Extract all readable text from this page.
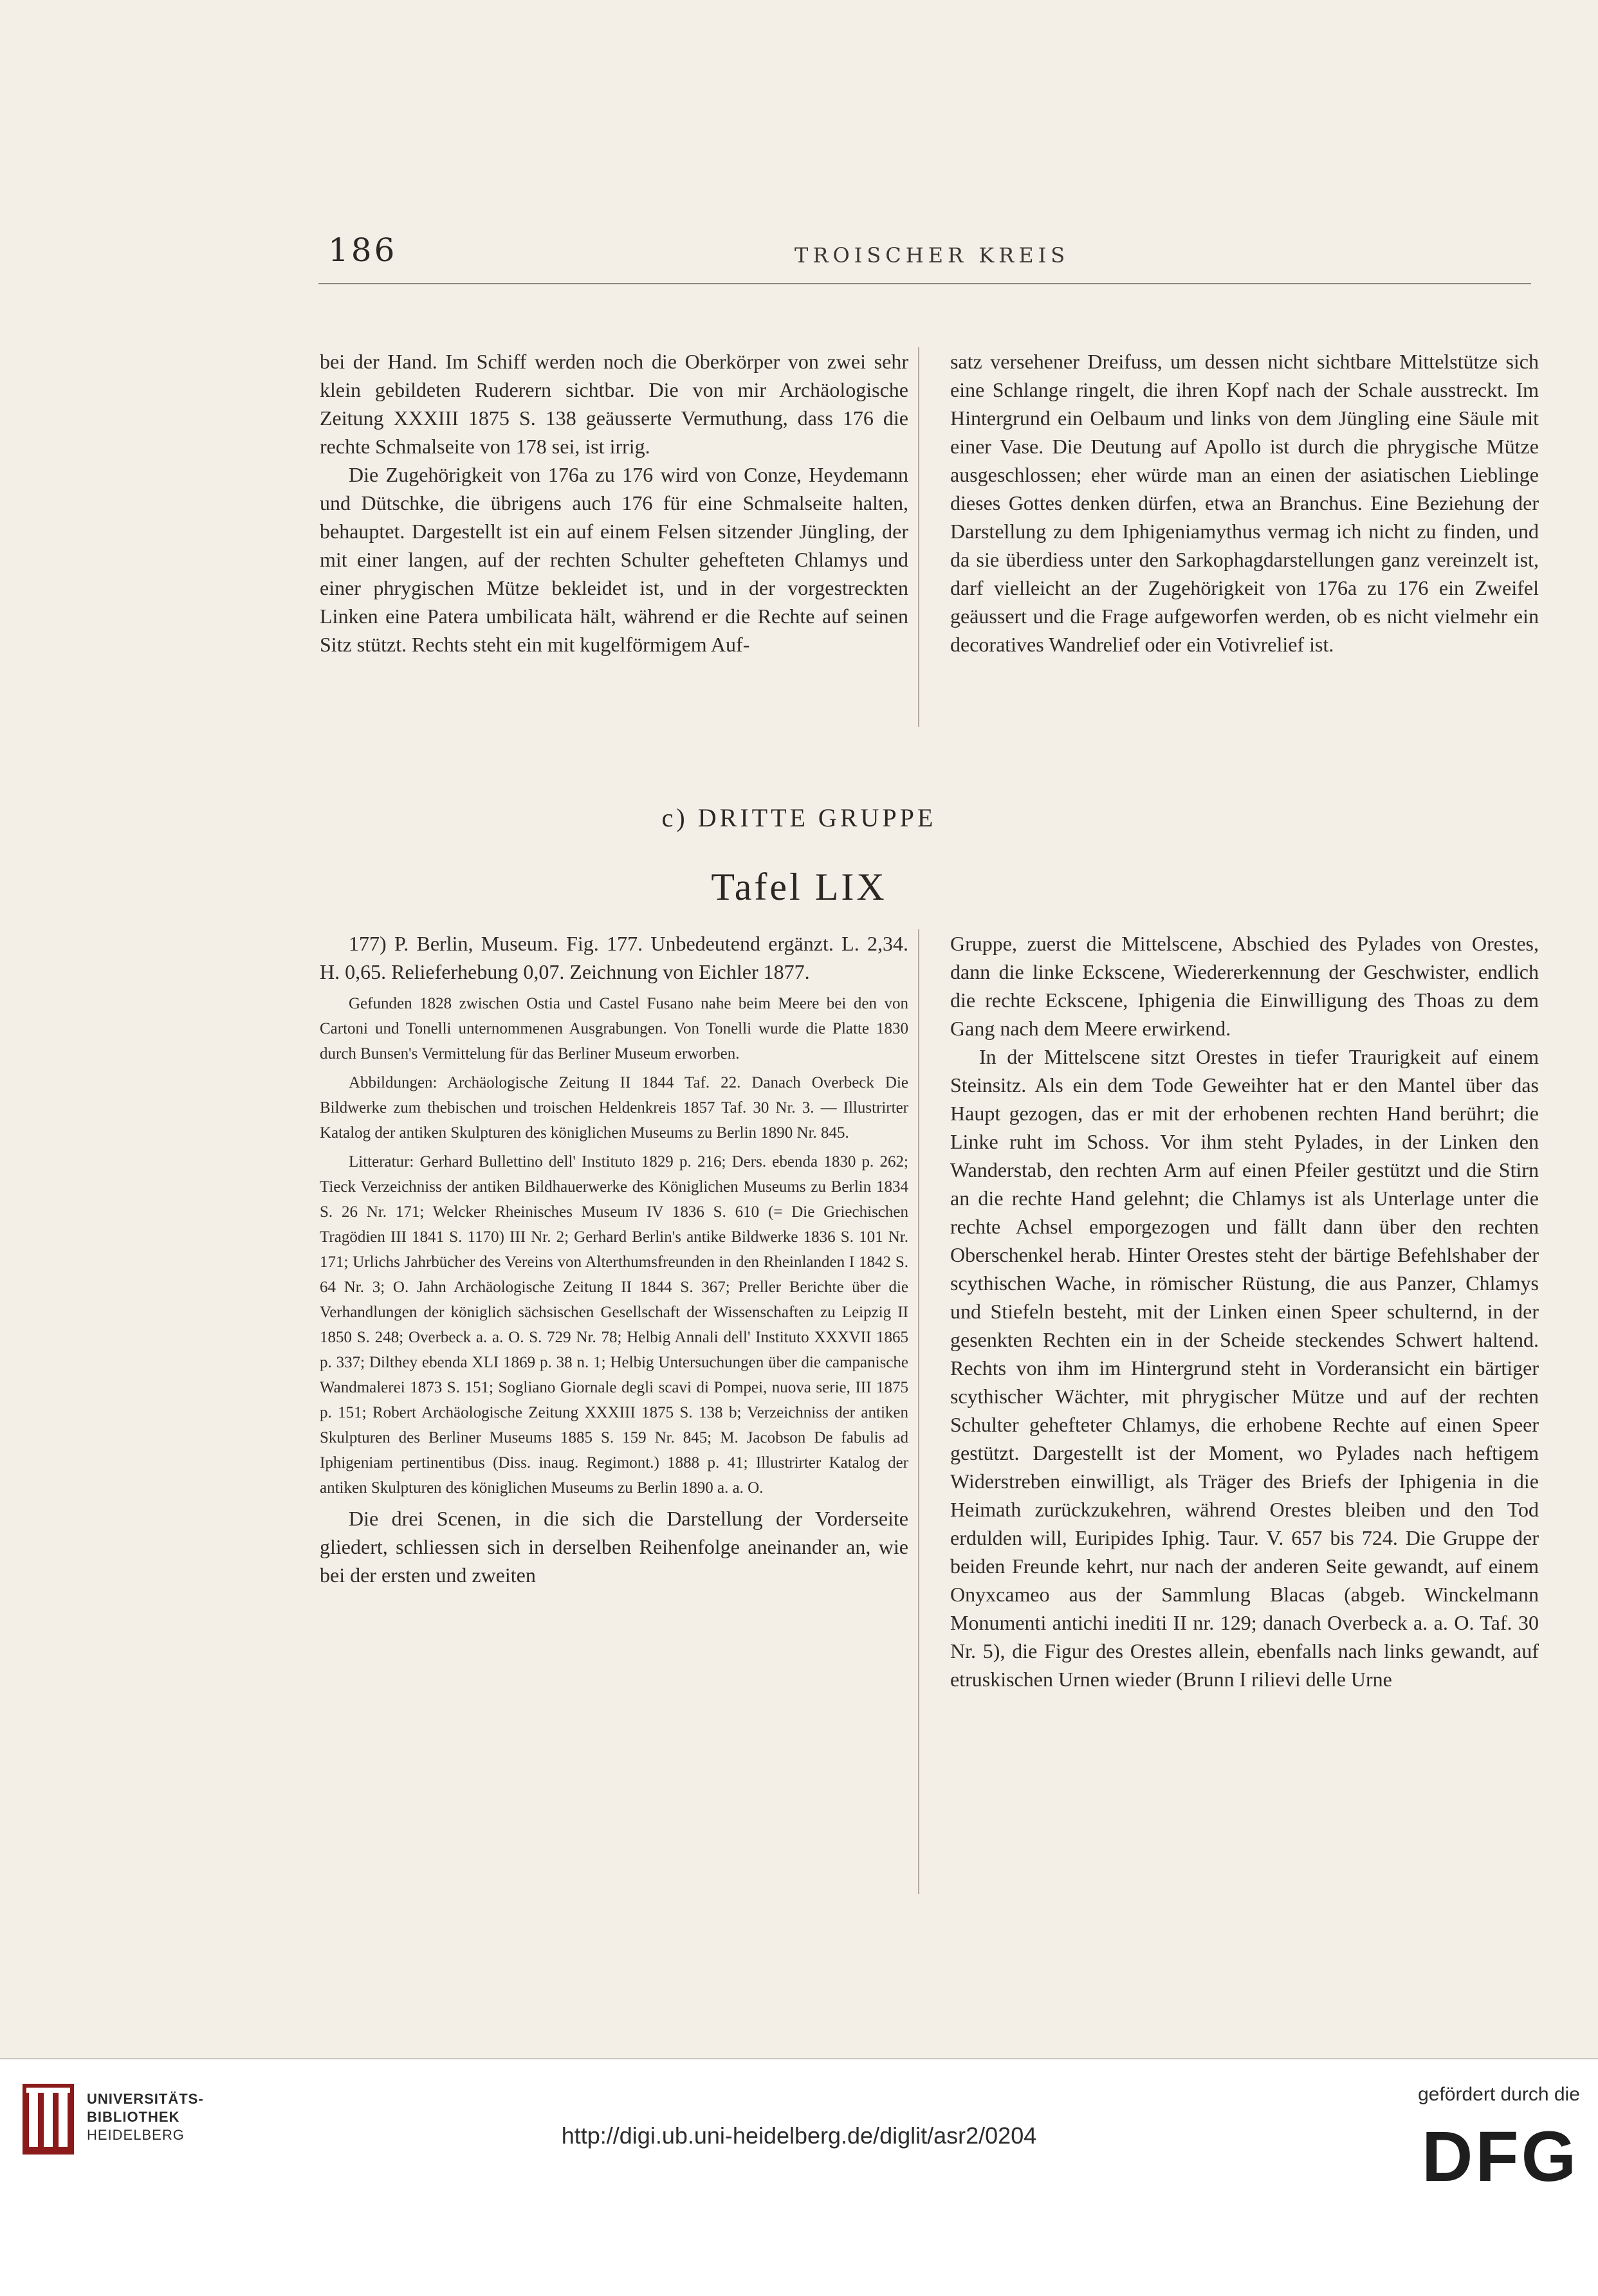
186	TROISCHER KREIS

bei der Hand. Im Schiff werden noch die Oberkörper von zwei sehr klein gebildeten Ruderern sichtbar. Die von mir Archäologische Zeitung XXXIII 1875 S. 138 geäusserte Vermuthung, dass 176 die rechte Schmalseite von 178 sei, ist irrig.

Die Zugehörigkeit von 176a zu 176 wird von Conze, Heydemann und Dütschke, die übrigens auch 176 für eine Schmalseite halten, behauptet. Dargestellt ist ein auf einem Felsen sitzender Jüngling, der mit einer langen, auf der rechten Schulter gehefteten Chlamys und einer phrygischen Mütze bekleidet ist, und in der vorgestreckten Linken eine Patera umbilicata hält, während er die Rechte auf seinen Sitz stützt. Rechts steht ein mit kugelförmigem Auf-

satz versehener Dreifuss, um dessen nicht sichtbare Mittelstütze sich eine Schlange ringelt, die ihren Kopf nach der Schale ausstreckt. Im Hintergrund ein Oelbaum und links von dem Jüngling eine Säule mit einer Vase. Die Deutung auf Apollo ist durch die phrygische Mütze ausgeschlossen; eher würde man an einen der asiatischen Lieblinge dieses Gottes denken dürfen, etwa an Branchus. Eine Beziehung der Darstellung zu dem Iphigeniamythus vermag ich nicht zu finden, und da sie überdiess unter den Sarkophagdarstellungen ganz vereinzelt ist, darf vielleicht an der Zugehörigkeit von 176a zu 176 ein Zweifel geäussert und die Frage aufgeworfen werden, ob es nicht vielmehr ein decoratives Wandrelief oder ein Votivrelief ist.

c) DRITTE GRUPPE
Tafel LIX

177) P. Berlin, Museum. Fig. 177. Unbedeutend ergänzt. L. 2,34. H. 0,65. Relieferhebung 0,07. Zeichnung von Eichler 1877.

Gefunden 1828 zwischen Ostia und Castel Fusano nahe beim Meere bei den von Cartoni und Tonelli unternommenen Ausgrabungen. Von Tonelli wurde die Platte 1830 durch Bunsen's Vermittelung für das Berliner Museum erworben.

Abbildungen: Archäologische Zeitung II 1844 Taf. 22. Danach Overbeck Die Bildwerke zum thebischen und troischen Heldenkreis 1857 Taf. 30 Nr. 3. — Illustrirter Katalog der antiken Skulpturen des königlichen Museums zu Berlin 1890 Nr. 845.

Litteratur: Gerhard Bullettino dell' Instituto 1829 p. 216; Ders. ebenda 1830 p. 262; Tieck Verzeichniss der antiken Bildhauerwerke des Königlichen Museums zu Berlin 1834 S. 26 Nr. 171; Welcker Rheinisches Museum IV 1836 S. 610 (= Die Griechischen Tragödien III 1841 S. 1170) III Nr. 2; Gerhard Berlin's antike Bildwerke 1836 S. 101 Nr. 171; Urlichs Jahrbücher des Vereins von Alterthumsfreunden in den Rheinlanden I 1842 S. 64 Nr. 3; O. Jahn Archäologische Zeitung II 1844 S. 367; Preller Berichte über die Verhandlungen der königlich sächsischen Gesellschaft der Wissenschaften zu Leipzig II 1850 S. 248; Overbeck a. a. O. S. 729 Nr. 78; Helbig Annali dell' Instituto XXXVII 1865 p. 337; Dilthey ebenda XLI 1869 p. 38 n. 1; Helbig Untersuchungen über die campanische Wandmalerei 1873 S. 151; Sogliano Giornale degli scavi di Pompei, nuova serie, III 1875 p. 151; Robert Archäologische Zeitung XXXIII 1875 S. 138 b; Verzeichniss der antiken Skulpturen des Berliner Museums 1885 S. 159 Nr. 845; M. Jacobson De fabulis ad Iphigeniam pertinentibus (Diss. inaug. Regimont.) 1888 p. 41; Illustrirter Katalog der antiken Skulpturen des königlichen Museums zu Berlin 1890 a. a. O.

Die drei Scenen, in die sich die Darstellung der Vorderseite gliedert, schliessen sich in derselben Reihenfolge aneinander an, wie bei der ersten und zweiten

Gruppe, zuerst die Mittelscene, Abschied des Pylades von Orestes, dann die linke Eckscene, Wiedererkennung der Geschwister, endlich die rechte Eckscene, Iphigenia die Einwilligung des Thoas zu dem Gang nach dem Meere erwirkend.

In der Mittelscene sitzt Orestes in tiefer Traurigkeit auf einem Steinsitz. Als ein dem Tode Geweihter hat er den Mantel über das Haupt gezogen, das er mit der erhobenen rechten Hand berührt; die Linke ruht im Schoss. Vor ihm steht Pylades, in der Linken den Wanderstab, den rechten Arm auf einen Pfeiler gestützt und die Stirn an die rechte Hand gelehnt; die Chlamys ist als Unterlage unter die rechte Achsel emporgezogen und fällt dann über den rechten Oberschenkel herab. Hinter Orestes steht der bärtige Befehlshaber der scythischen Wache, in römischer Rüstung, die aus Panzer, Chlamys und Stiefeln besteht, mit der Linken einen Speer schulternd, in der gesenkten Rechten ein in der Scheide steckendes Schwert haltend. Rechts von ihm im Hintergrund steht in Vorderansicht ein bärtiger scythischer Wächter, mit phrygischer Mütze und auf der rechten Schulter gehefteter Chlamys, die erhobene Rechte auf einen Speer gestützt. Dargestellt ist der Moment, wo Pylades nach heftigem Widerstreben einwilligt, als Träger des Briefs der Iphigenia in die Heimath zurückzukehren, während Orestes bleiben und den Tod erdulden will, Euripides Iphig. Taur. V. 657 bis 724. Die Gruppe der beiden Freunde kehrt, nur nach der anderen Seite gewandt, auf einem Onyxcameo aus der Sammlung Blacas (abgeb. Winckelmann Monumenti antichi inediti II nr. 129; danach Overbeck a. a. O. Taf. 30 Nr. 5), die Figur des Orestes allein, ebenfalls nach links gewandt, auf etruskischen Urnen wieder (Brunn I rilievi delle Urne

UNIVERSITÄTS-
BIBLIOTHEK
HEIDELBERG	http://digi.ub.uni-heidelberg.de/diglit/asr2/0204
gefördert durch die
DFG
